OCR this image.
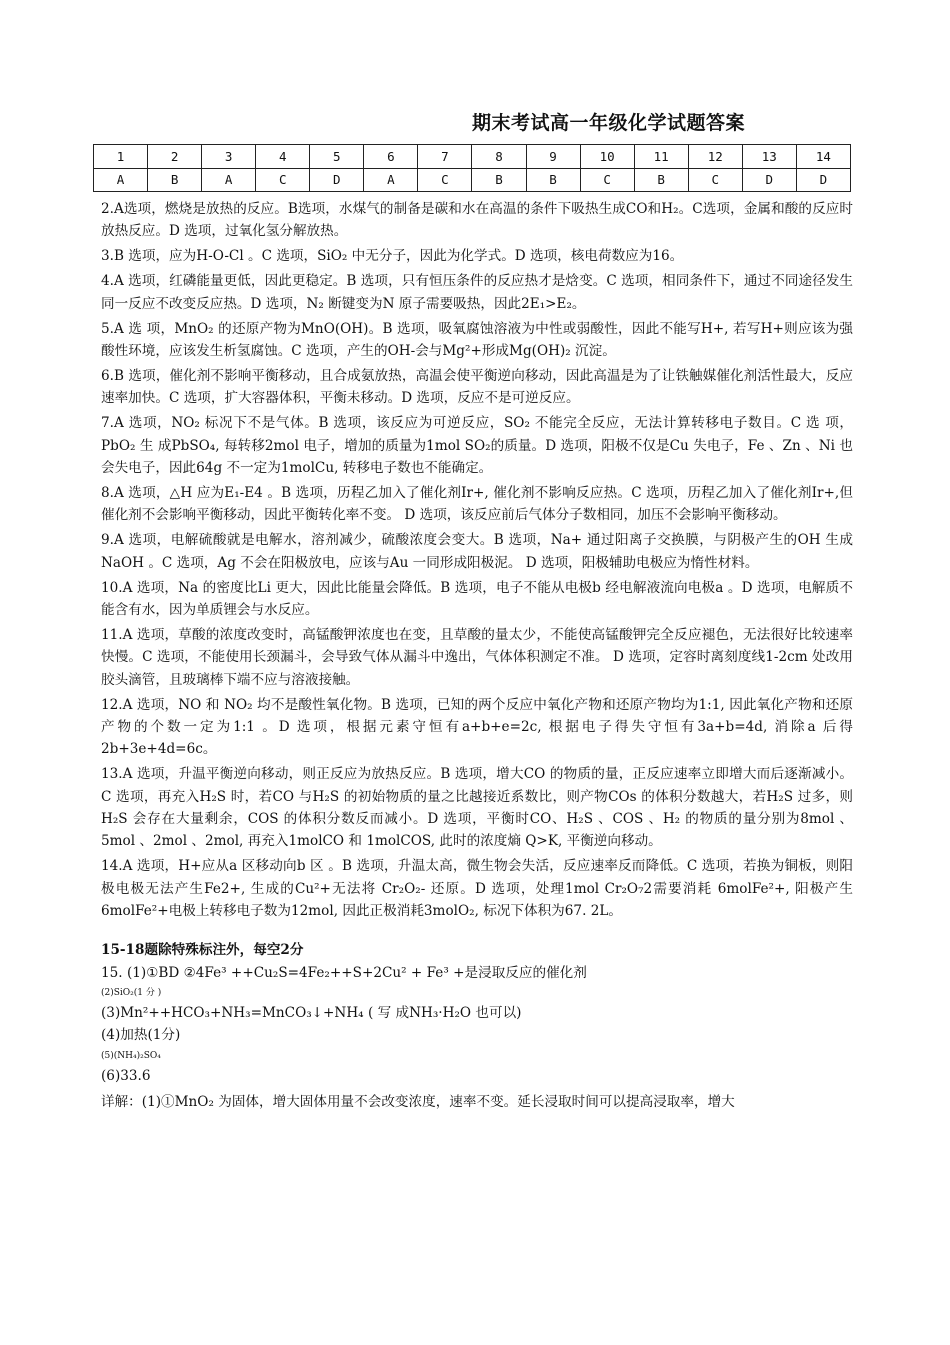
期末考试高一年级化学试题答案
1	2	3	4	5	6	7	8	9	10	11	12	13	14
A	B	A	C	D	A	C	B	B	C	B	C	D	D

2.A选项，燃烧是放热的反应。B选项，水煤气的制备是碳和水在高温的条件下吸热生成CO和H₂。C选项，金属和酸的反应时放热反应。D 选项，过氧化氢分解放热。

3.B 选项，应为H-O-Cl 。C 选项，SiO₂ 中无分子，因此为化学式。D 选项，核电荷数应为16。

4.A 选项，红磷能量更低，因此更稳定。B 选项，只有恒压条件的反应热才是焓变。C 选项，相同条件下，通过不同途径发生同一反应不改变反应热。D 选项，N₂ 断键变为N 原子需要吸热，因此2E₁>E₂。

5.A 选 项，MnO₂ 的还原产物为MnO(OH)。B 选项，吸氧腐蚀溶液为中性或弱酸性，因此不能写H+, 若写H+则应该为强酸性环境，应该发生析氢腐蚀。C 选项，产生的OH-会与Mg²+形成Mg(OH)₂ 沉淀。

6.B 选项，催化剂不影响平衡移动，且合成氨放热，高温会使平衡逆向移动，因此高温是为了让铁触媒催化剂活性最大，反应速率加快。C 选项，扩大容器体积，平衡未移动。D 选项，反应不是可逆反应。

7.A 选项，NO₂ 标况下不是气体。B 选项，该反应为可逆反应，SO₂ 不能完全反应，无法计算转移电子数目。C 选 项，PbO₂ 生 成PbSO₄, 每转移2mol 电子，增加的质量为1mol SO₂的质量。D 选项，阳极不仅是Cu 失电子，Fe 、Zn 、Ni 也会失电子，因此64g 不一定为1molCu, 转移电子数也不能确定。

8.A 选项，△H 应为E₁-E4 。B 选项，历程乙加入了催化剂Ir+, 催化剂不影响反应热。C 选项，历程乙加入了催化剂Ir+,但催化剂不会影响平衡移动，因此平衡转化率不变。 D 选项，该反应前后气体分子数相同，加压不会影响平衡移动。

9.A 选项，电解硫酸就是电解水，溶剂减少，硫酸浓度会变大。B 选项，Na+ 通过阳离子交换膜，与阴极产生的OH 生成NaOH 。C 选项，Ag 不会在阳极放电，应该与Au 一同形成阳极泥。 D 选项，阳极辅助电极应为惰性材料。

10.A 选项，Na 的密度比Li 更大，因此比能量会降低。B 选项，电子不能从电极b 经电解液流向电极a 。D 选项，电解质不能含有水，因为单质锂会与水反应。

11.A 选项，草酸的浓度改变时，高锰酸钾浓度也在变，且草酸的量太少，不能使高锰酸钾完全反应褪色，无法很好比较速率快慢。C 选项，不能使用长颈漏斗，会导致气体从漏斗中逸出，气体体积测定不准。 D 选项，定容时离刻度线1-2cm 处改用胶头滴管，且玻璃棒下端不应与溶液接触。

12.A 选项，NO 和 NO₂ 均不是酸性氧化物。B 选项，已知的两个反应中氧化产物和还原产物均为1:1, 因此氧化产物和还原产物的个数一定为1:1 。D 选项，根据元素守恒有a+b+e=2c, 根据电子得失守恒有3a+b=4d, 消除a 后得2b+3e+4d=6c。

13.A 选项，升温平衡逆向移动，则正反应为放热反应。B 选项，增大CO 的物质的量，正反应速率立即增大而后逐渐减小。C 选项，再充入H₂S 时，若CO 与H₂S 的初始物质的量之比越接近系数比，则产物COs 的体积分数越大，若H₂S 过多，则H₂S 会存在大量剩余，COS 的体积分数反而减小。D 选项，平衡时CO、H₂S 、COS 、H₂ 的物质的量分别为8mol 、5mol 、2mol 、2mol, 再充入1molCO 和 1molCOS, 此时的浓度熵 Q>K, 平衡逆向移动。

14.A 选项，H+应从a 区移动向b 区 。B 选项，升温太高，微生物会失活，反应速率反而降低。C 选项，若换为铜板，则阳极电极无法产生Fe2+, 生成的Cu²+无法将 Cr₂O₂- 还原。D 选项，处理1mol Cr₂O₇2需要消耗 6molFe²+, 阳极产生6molFe²+电极上转移电子数为12mol, 因此正极消耗3molO₂, 标况下体积为67. 2L。

15-18题除特殊标注外，每空2分

15. (1)①BD ②4Fe³ ++Cu₂S=4Fe₂++S+2Cu² + Fe³ +是浸取反应的催化剂

(2)SiO₂(1 分 )

(3)Mn²++HCO₃+NH₃=MnCO₃↓+NH₄ ( 写 成NH₃·H₂O 也可以)

(4)加热(1分)

(5)(NH₄)₂SO₄

(6)33.6

详解：(1)①MnO₂ 为固体，增大固体用量不会改变浓度，速率不变。延长浸取时间可以提高浸取率，增大
